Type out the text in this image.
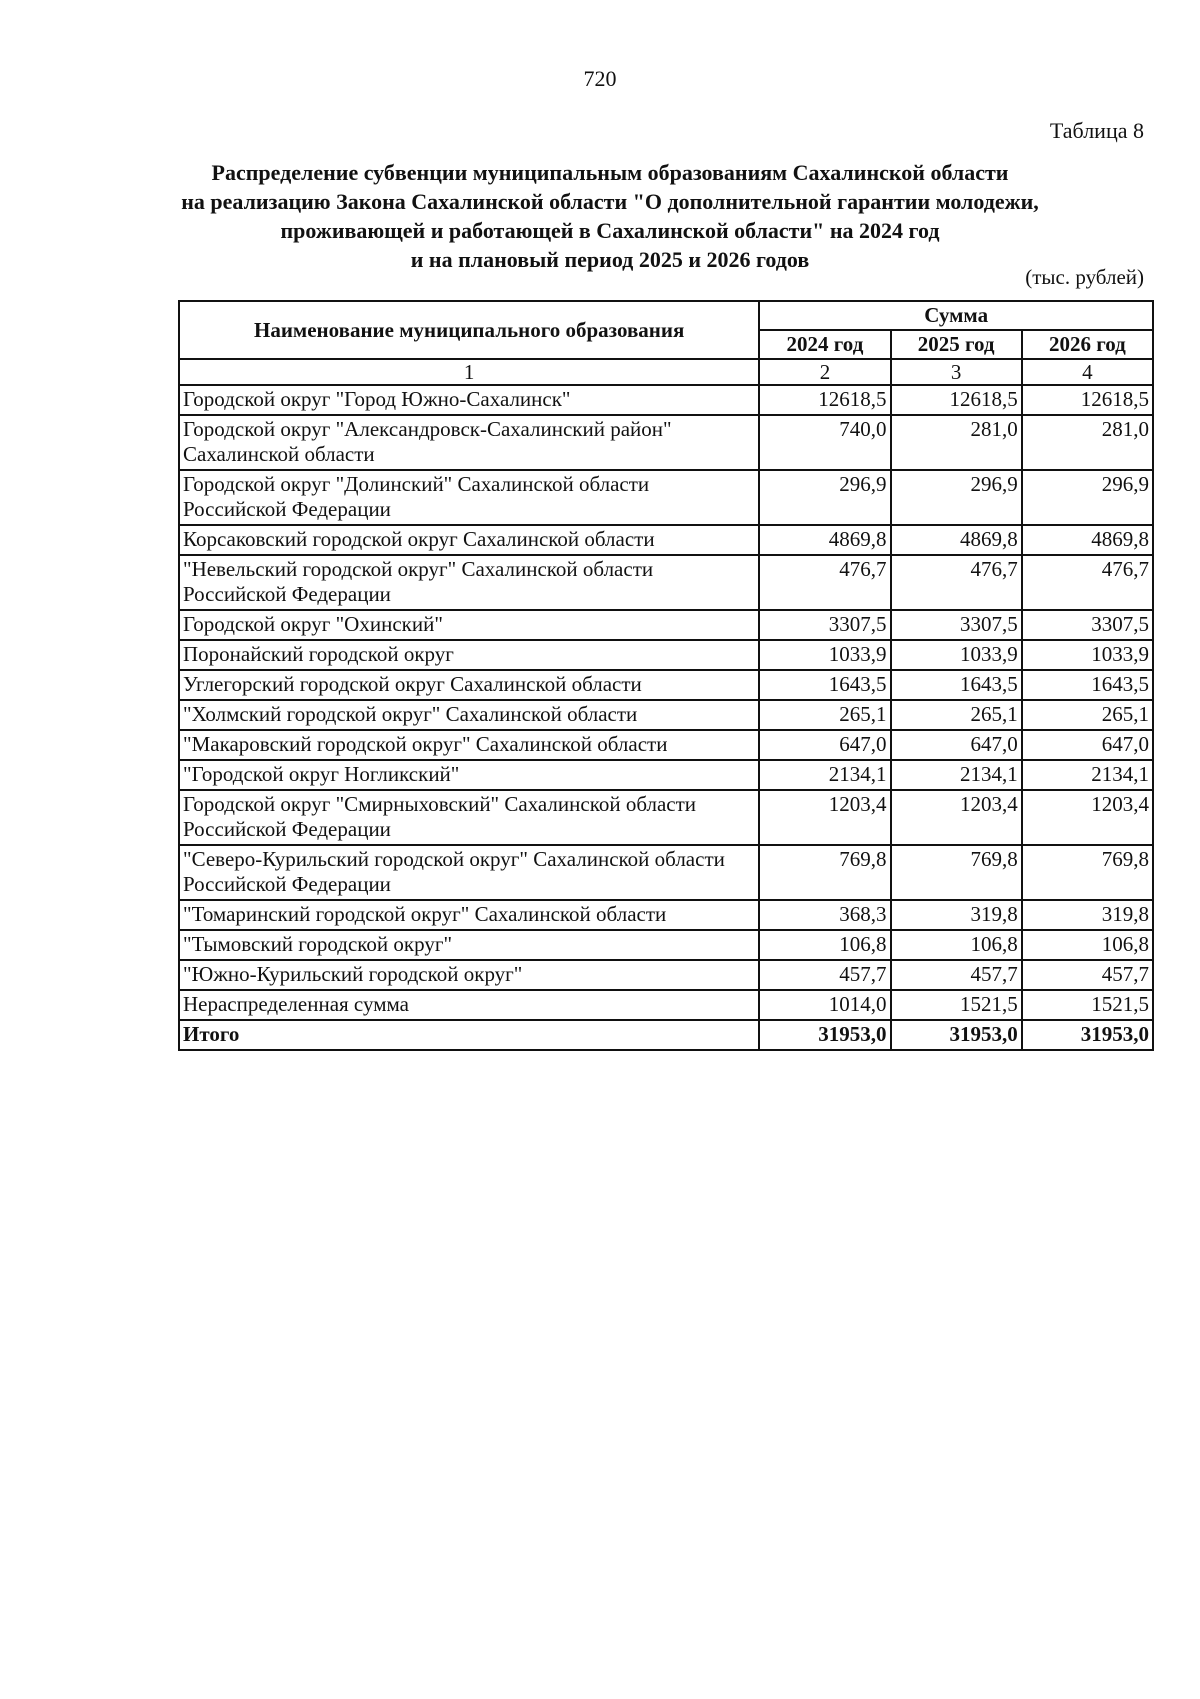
720
Таблица 8
Распределение субвенции муниципальным образованиям Сахалинской области
на реализацию Закона Сахалинской области "О дополнительной гарантии молодежи,
проживающей и работающей в Сахалинской области" на 2024 год
и на плановый период 2025 и 2026 годов
(тыс. рублей)
Наименование муниципального образования	Сумма		
	2024 год	2025 год	2026 год
1	2	3	4
Городской округ "Город Южно-Сахалинск"	12618,5	12618,5	12618,5
Городской округ "Александровск-Сахалинский район" Сахалинской области	740,0	281,0	281,0
Городской округ "Долинский" Сахалинской области Российской Федерации	296,9	296,9	296,9
Корсаковский городской округ Сахалинской области	4869,8	4869,8	4869,8
"Невельский городской округ" Сахалинской области Российской Федерации	476,7	476,7	476,7
Городской округ "Охинский"	3307,5	3307,5	3307,5
Поронайский городской округ	1033,9	1033,9	1033,9
Углегорский городской округ Сахалинской области	1643,5	1643,5	1643,5
"Холмский городской округ" Сахалинской области	265,1	265,1	265,1
"Макаровский городской округ" Сахалинской области	647,0	647,0	647,0
"Городской округ Ногликский"	2134,1	2134,1	2134,1
Городской округ "Смирныховский" Сахалинской области Российской Федерации	1203,4	1203,4	1203,4
"Северо-Курильский городской округ" Сахалинской области Российской Федерации	769,8	769,8	769,8
"Томаринский городской округ" Сахалинской области	368,3	319,8	319,8
"Тымовский городской округ"	106,8	106,8	106,8
"Южно-Курильский городской округ"	457,7	457,7	457,7
Нераспределенная сумма	1014,0	1521,5	1521,5
Итого	31953,0	31953,0	31953,0
